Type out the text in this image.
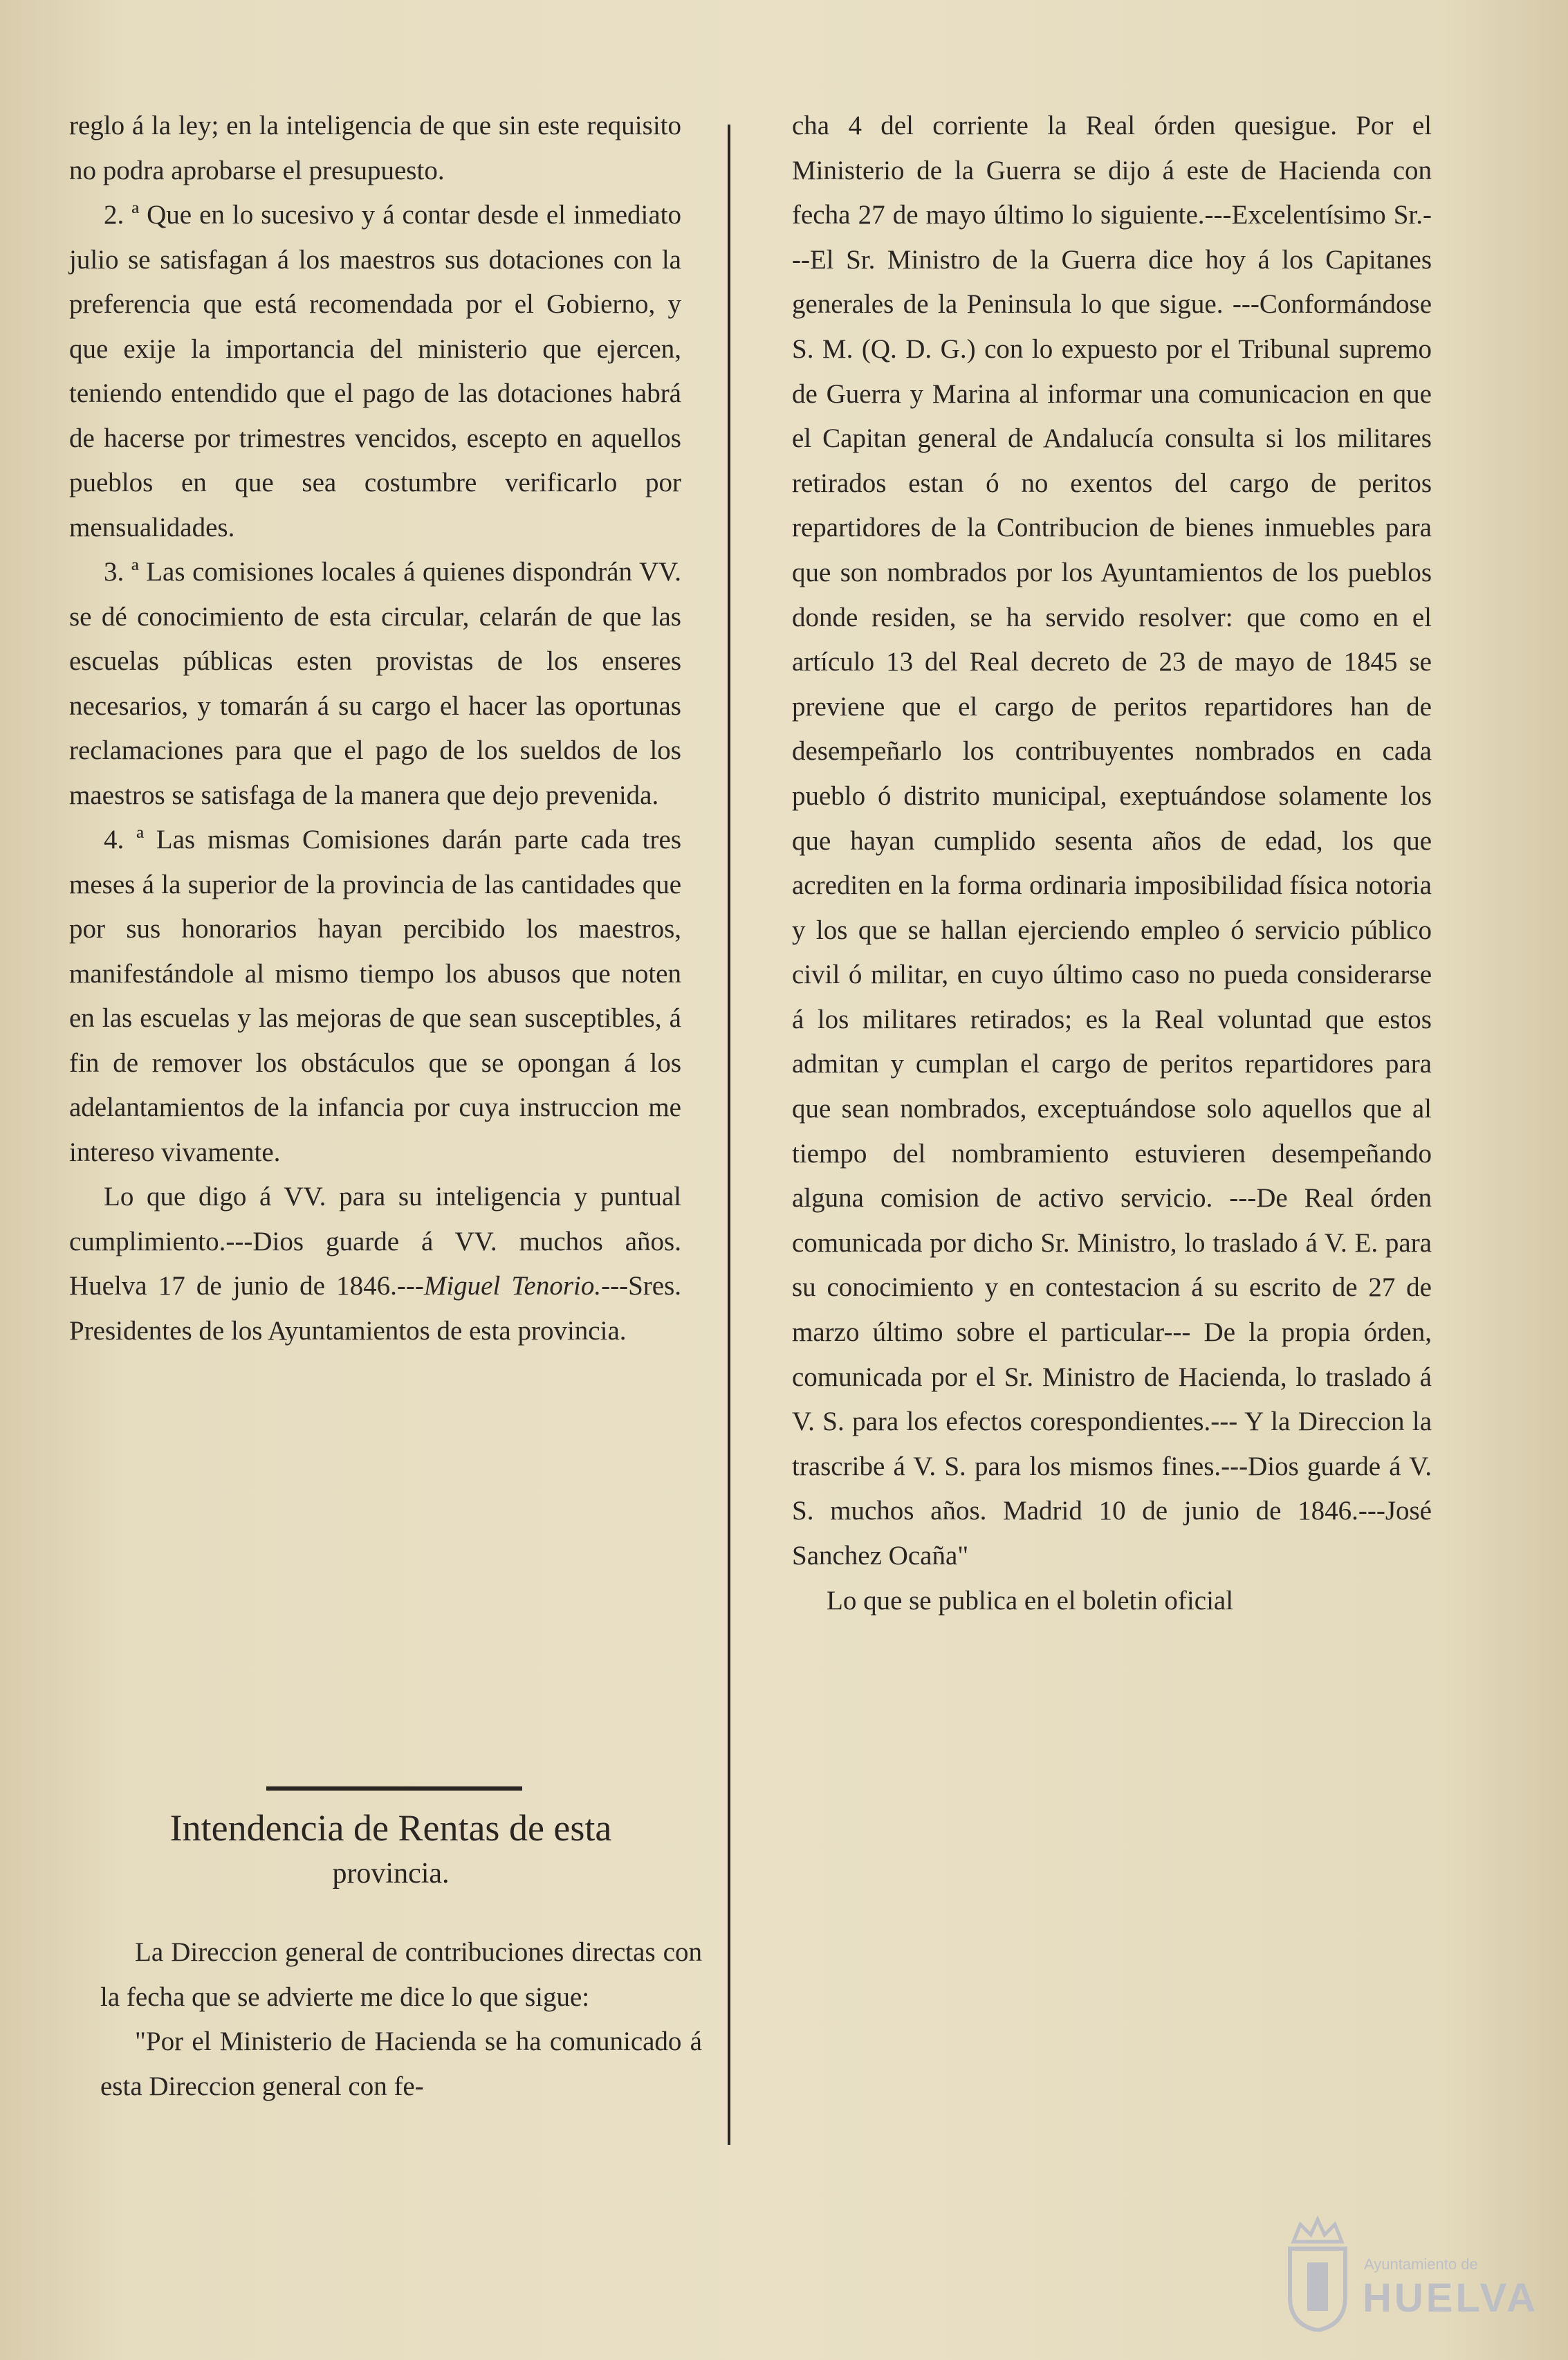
reglo á la ley; en la inteligencia de que sin este requisito no podra aprobarse el presupuesto.

2. ª Que en lo sucesivo y á contar desde el inmediato julio se satisfagan á los maestros sus dotaciones con la preferencia que está recomendada por el Gobierno, y que exije la importancia del ministerio que ejercen, teniendo entendido que el pago de las dotaciones habrá de hacerse por trimestres vencidos, escepto en aquellos pueblos en que sea costumbre verificarlo por mensualidades.

3. ª Las comisiones locales á quienes dispondrán VV. se dé conocimiento de esta circular, celarán de que las escuelas públicas esten provistas de los enseres necesarios, y tomarán á su cargo el hacer las oportunas reclamaciones para que el pago de los sueldos de los maestros se satisfaga de la manera que dejo prevenida.

4. ª Las mismas Comisiones darán parte cada tres meses á la superior de la provincia de las cantidades que por sus honorarios hayan percibido los maestros, manifestándole al mismo tiempo los abusos que noten en las escuelas y las mejoras de que sean susceptibles, á fin de remover los obstáculos que se opongan á los adelantamientos de la infancia por cuya instruccion me intereso vivamente.

Lo que digo á VV. para su inteligencia y puntual cumplimiento.---Dios guarde á VV. muchos años. Huelva 17 de junio de 1846.---Miguel Tenorio.---Sres. Presidentes de los Ayuntamientos de esta provincia.

Intendencia de Rentas de esta
provincia.

La Direccion general de contribuciones directas con la fecha que se advierte me dice lo que sigue:

"Por el Ministerio de Hacienda se ha comunicado á esta Direccion general con fe-

cha 4 del corriente la Real órden quesigue. Por el Ministerio de la Guerra se dijo á este de Hacienda con fecha 27 de mayo último lo siguiente.---Excelentísimo Sr.---El Sr. Ministro de la Guerra dice hoy á los Capitanes generales de la Peninsula lo que sigue. ---Conformándose S. M. (Q. D. G.) con lo expuesto por el Tribunal supremo de Guerra y Marina al informar una comunicacion en que el Capitan general de Andalucía consulta si los militares retirados estan ó no exentos del cargo de peritos repartidores de la Contribucion de bienes inmuebles para que son nombrados por los Ayuntamientos de los pueblos donde residen, se ha servido resolver: que como en el artículo 13 del Real decreto de 23 de mayo de 1845 se previene que el cargo de peritos repartidores han de desempeñarlo los contribuyentes nombrados en cada pueblo ó distrito municipal, exeptuándose solamente los que hayan cumplido sesenta años de edad, los que acrediten en la forma ordinaria imposibilidad física notoria y los que se hallan ejerciendo empleo ó servicio público civil ó militar, en cuyo último caso no pueda considerarse á los militares retirados; es la Real voluntad que estos admitan y cumplan el cargo de peritos repartidores para que sean nombrados, exceptuándose solo aquellos que al tiempo del nombramiento estuvieren desempeñando alguna comision de activo servicio. ---De Real órden comunicada por dicho Sr. Ministro, lo traslado á V. E. para su conocimiento y en contestacion á su escrito de 27 de marzo último sobre el particular--- De la propia órden, comunicada por el Sr. Ministro de Hacienda, lo traslado á V. S. para los efectos corespondientes.--- Y la Direccion la trascribe á V. S. para los mismos fines.---Dios guarde á V. S. muchos años. Madrid 10 de junio de 1846.---José Sanchez Ocaña"

Lo que se publica en el boletin oficial

Ayuntamiento de
HUELVA
